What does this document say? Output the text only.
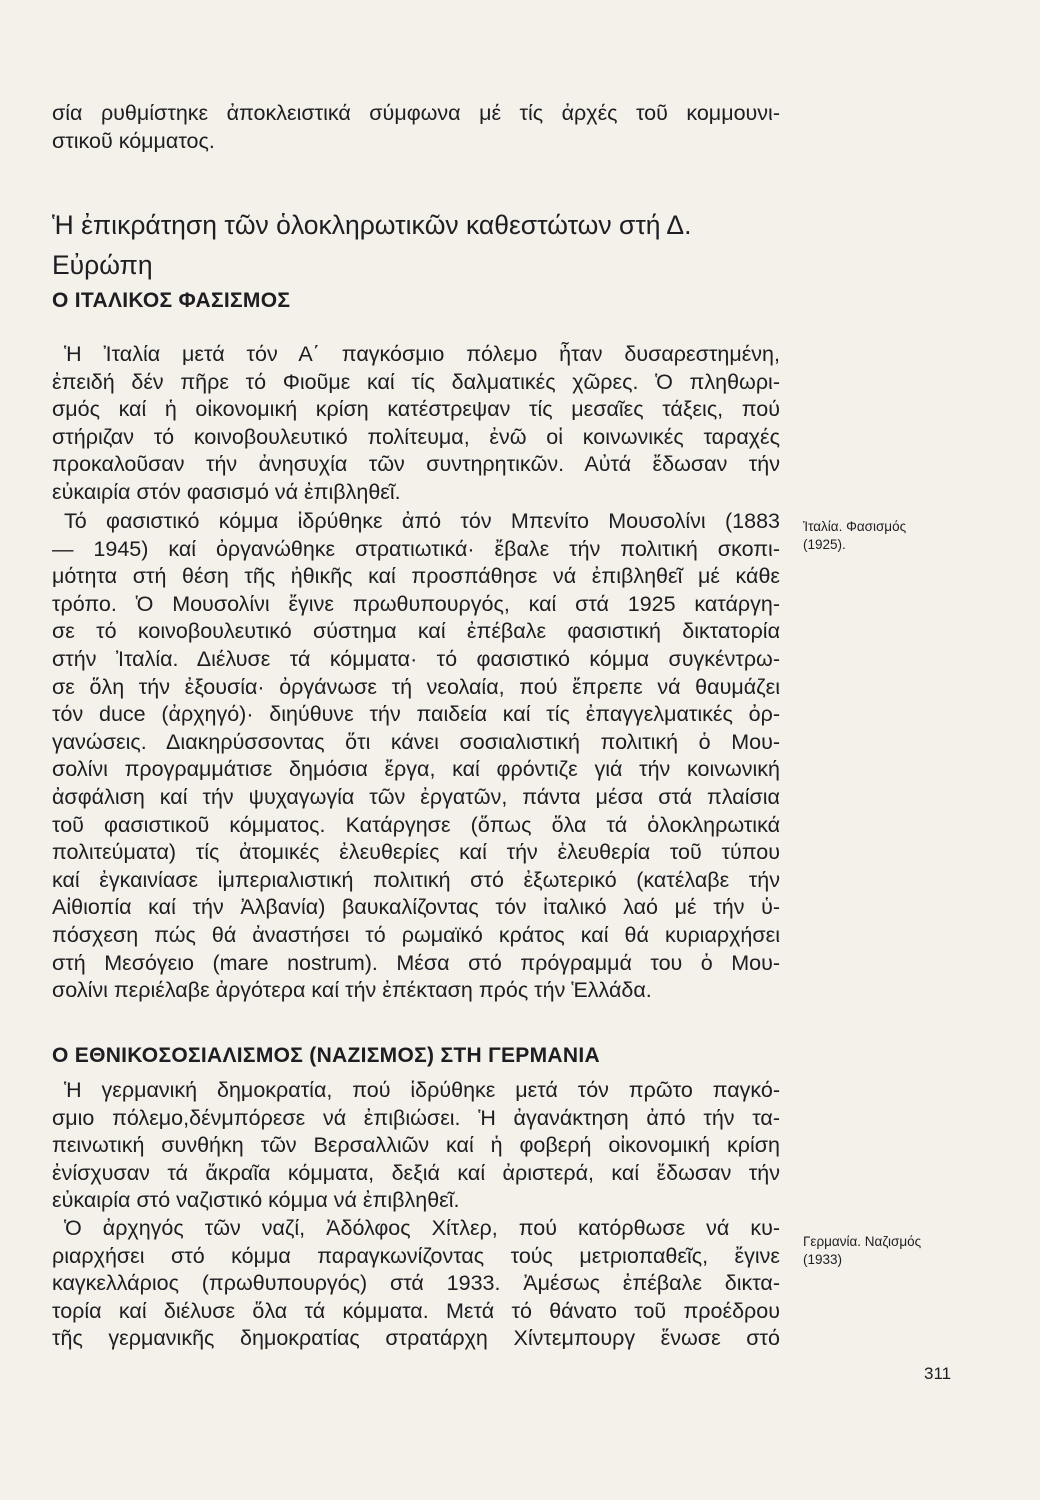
σία ρυθμίστηκε ἀποκλειστικά σύμφωνα μέ τίς ἀρχές τοῦ κομμουνι-
στικοῦ κόμματος.
Ἡ ἐπικράτηση τῶν ὁλοκληρωτικῶν καθεστώτων στή Δ.
Εὐρώπη
Ο ΙΤΑΛΙΚΟΣ ΦΑΣΙΣΜΟΣ
Ἡ Ἰταλία μετά τόν Α΄ παγκόσμιο πόλεμο ἦταν δυσαρεστημένη,
ἐπειδή δέν πῆρε τό Φιοῦμε καί τίς δαλματικές χῶρες. Ὁ πληθωρι-
σμός καί ἡ οἰκονομική κρίση κατέστρεψαν τίς μεσαῖες τάξεις, πού
στήριζαν τό κοινοβουλευτικό πολίτευμα, ἐνῶ οἱ κοινωνικές ταραχές
προκαλοῦσαν τήν ἀνησυχία τῶν συντηρητικῶν. Αὐτά ἔδωσαν τήν
εὐκαιρία στόν φασισμό νά ἐπιβληθεῖ.
Τό φασιστικό κόμμα ἱδρύθηκε ἀπό τόν Μπενίτο Μουσολίνι (1883
— 1945) καί ὀργανώθηκε στρατιωτικά· ἔβαλε τήν πολιτική σκοπι-
μότητα στή θέση τῆς ἠθικῆς καί προσπάθησε νά ἐπιβληθεῖ μέ κάθε
τρόπο. Ὁ Μουσολίνι ἔγινε πρωθυπουργός, καί στά 1925 κατάργη-
σε τό κοινοβουλευτικό σύστημα καί ἐπέβαλε φασιστική δικτατορία
στήν Ἰταλία. Διέλυσε τά κόμματα· τό φασιστικό κόμμα συγκέντρω-
σε ὅλη τήν ἐξουσία· ὀργάνωσε τή νεολαία, πού ἔπρεπε νά θαυμάζει
τόν duce (ἀρχηγό)· διηύθυνε τήν παιδεία καί τίς ἐπαγγελματικές ὀρ-
γανώσεις. Διακηρύσσοντας ὅτι κάνει σοσιαλιστική πολιτική ὁ Μου-
σολίνι προγραμμάτισε δημόσια ἔργα, καί φρόντιζε γιά τήν κοινωνική
ἀσφάλιση καί τήν ψυχαγωγία τῶν ἐργατῶν, πάντα μέσα στά πλαίσια
τοῦ φασιστικοῦ κόμματος. Κατάργησε (ὅπως ὅλα τά ὁλοκληρωτικά
πολιτεύματα) τίς ἀτομικές ἐλευθερίες καί τήν ἐλευθερία τοῦ τύπου
καί ἐγκαινίασε ἰμπεριαλιστική πολιτική στό ἐξωτερικό (κατέλαβε τήν
Αἰθιοπία καί τήν Ἀλβανία) βαυκαλίζοντας τόν ἰταλικό λαό μέ τήν ὑ-
πόσχεση πώς θά ἀναστήσει τό ρωμαϊκό κράτος καί θά κυριαρχήσει
στή Μεσόγειο (mare nostrum). Μέσα στό πρόγραμμά του ὁ Μου-
σολίνι περιέλαβε ἀργότερα καί τήν ἐπέκταση πρός τήν Ἑλλάδα.
Ἰταλία. Φασισμός
(1925).
Ο ΕΘΝΙΚΟΣΟΣΙΑΛΙΣΜΟΣ (ΝΑΖΙΣΜΟΣ) ΣΤΗ ΓΕΡΜΑΝΙΑ
Ἡ γερμανική δημοκρατία, πού ἱδρύθηκε μετά τόν πρῶτο παγκό-
σμιο πόλεμο,δένμπόρεσε νά ἐπιβιώσει. Ἡ ἀγανάκτηση ἀπό τήν τα-
πεινωτική συνθήκη τῶν Βερσαλλιῶν καί ἡ φοβερή οἰκονομική κρίση
ἐνίσχυσαν τά ἄκραῖα κόμματα, δεξιά καί ἀριστερά, καί ἔδωσαν τήν
εὐκαιρία στό ναζιστικό κόμμα νά ἐπιβληθεῖ.
Ὁ ἀρχηγός τῶν ναζί, Ἀδόλφος Χίτλερ, πού κατόρθωσε νά κυ-
ριαρχήσει στό κόμμα παραγκωνίζοντας τούς μετριοπαθεῖς, ἔγινε
καγκελλάριος (πρωθυπουργός) στά 1933. Ἀμέσως ἐπέβαλε δικτα-
τορία καί διέλυσε ὅλα τά κόμματα. Μετά τό θάνατο τοῦ προέδρου
τῆς γερμανικῆς δημοκρατίας στρατάρχη Χίντεμπουργ ἕνωσε στό
Γερμανία. Ναζισμός
(1933)
311
